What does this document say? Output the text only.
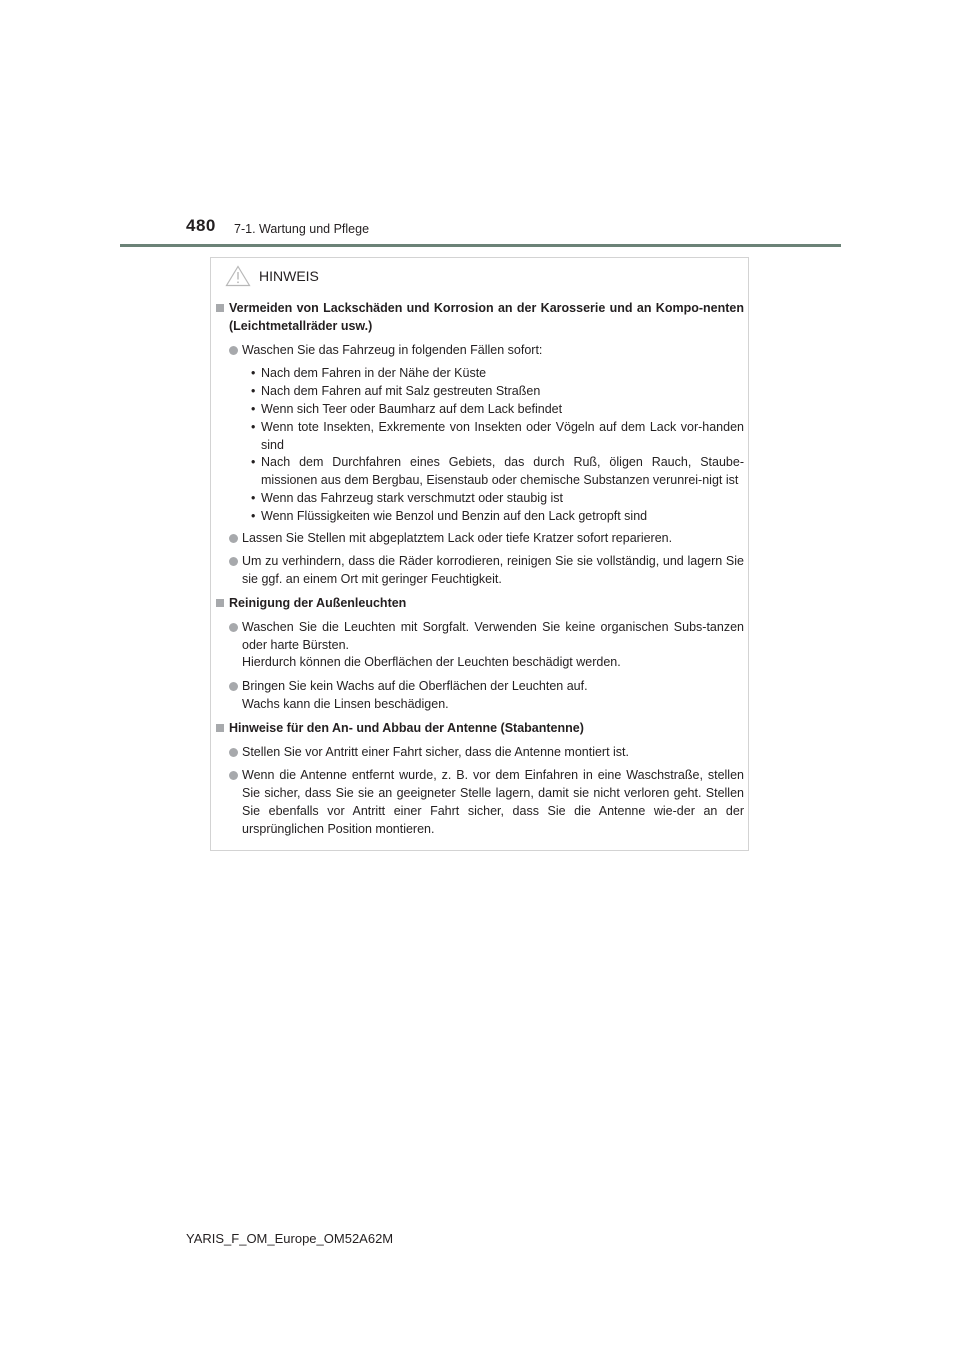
480 7-1. Wartung und Pflege
HINWEIS
Vermeiden von Lackschäden und Korrosion an der Karosserie und an Kompo-nenten (Leichtmetallräder usw.)
Waschen Sie das Fahrzeug in folgenden Fällen sofort:
• Nach dem Fahren in der Nähe der Küste
• Nach dem Fahren auf mit Salz gestreuten Straßen
• Wenn sich Teer oder Baumharz auf dem Lack befindet
• Wenn tote Insekten, Exkremente von Insekten oder Vögeln auf dem Lack vor-handen sind
• Nach dem Durchfahren eines Gebiets, das durch Ruß, öligen Rauch, Staube-missionen aus dem Bergbau, Eisenstaub oder chemische Substanzen verunrei-nigt ist
• Wenn das Fahrzeug stark verschmutzt oder staubig ist
• Wenn Flüssigkeiten wie Benzol und Benzin auf den Lack getropft sind
Lassen Sie Stellen mit abgeplatztem Lack oder tiefe Kratzer sofort reparieren.
Um zu verhindern, dass die Räder korrodieren, reinigen Sie sie vollständig, und lagern Sie sie ggf. an einem Ort mit geringer Feuchtigkeit.
Reinigung der Außenleuchten
Waschen Sie die Leuchten mit Sorgfalt. Verwenden Sie keine organischen Subs-tanzen oder harte Bürsten.
Hierdurch können die Oberflächen der Leuchten beschädigt werden.
Bringen Sie kein Wachs auf die Oberflächen der Leuchten auf.
Wachs kann die Linsen beschädigen.
Hinweise für den An- und Abbau der Antenne (Stabantenne)
Stellen Sie vor Antritt einer Fahrt sicher, dass die Antenne montiert ist.
Wenn die Antenne entfernt wurde, z. B. vor dem Einfahren in eine Waschstraße, stellen Sie sicher, dass Sie sie an geeigneter Stelle lagern, damit sie nicht verloren geht. Stellen Sie ebenfalls vor Antritt einer Fahrt sicher, dass Sie die Antenne wie-der an der ursprünglichen Position montieren.
YARIS_F_OM_Europe_OM52A62M
